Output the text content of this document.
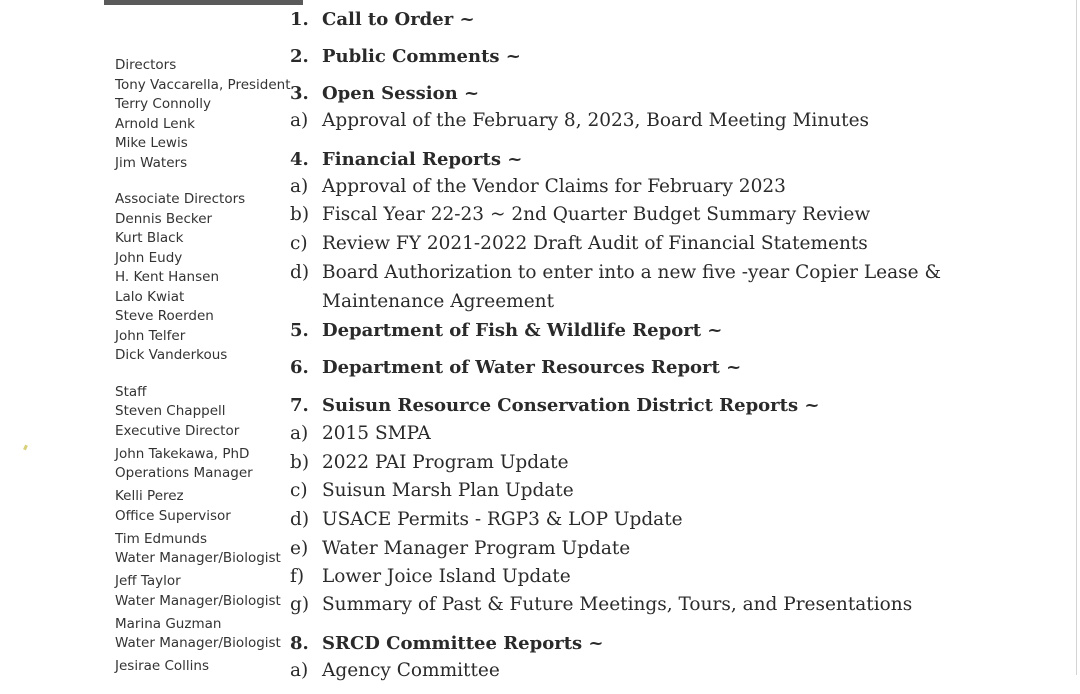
Directors
Tony Vaccarella, President
Terry Connolly
Arnold Lenk
Mike Lewis
Jim Waters
Associate Directors
Dennis Becker
Kurt Black
John Eudy
H. Kent Hansen
Lalo Kwiat
Steve Roerden
John Telfer
Dick Vanderkous
Staff
Steven Chappell
Executive Director
John Takekawa, PhD
Operations Manager
Kelli Perez
Office Supervisor
Tim Edmunds
Water Manager/Biologist
Jeff Taylor
Water Manager/Biologist
Marina Guzman
Water Manager/Biologist
Jesirae Collins
1. Call to Order ~
2. Public Comments ~
3. Open Session ~
a) Approval of the February 8, 2023, Board Meeting Minutes
4. Financial Reports ~
a) Approval of the Vendor Claims for February 2023
b) Fiscal Year 22-23 ~ 2nd Quarter Budget Summary Review
c) Review FY 2021-2022 Draft Audit of Financial Statements
d) Board Authorization to enter into a new five -year Copier Lease &
Maintenance Agreement
5. Department of Fish & Wildlife Report ~
6. Department of Water Resources Report ~
7. Suisun Resource Conservation District Reports ~
a) 2015 SMPA
b) 2022 PAI Program Update
c) Suisun Marsh Plan Update
d) USACE Permits - RGP3 & LOP Update
e) Water Manager Program Update
f) Lower Joice Island Update
g) Summary of Past & Future Meetings, Tours, and Presentations
8. SRCD Committee Reports ~
a) Agency Committee
